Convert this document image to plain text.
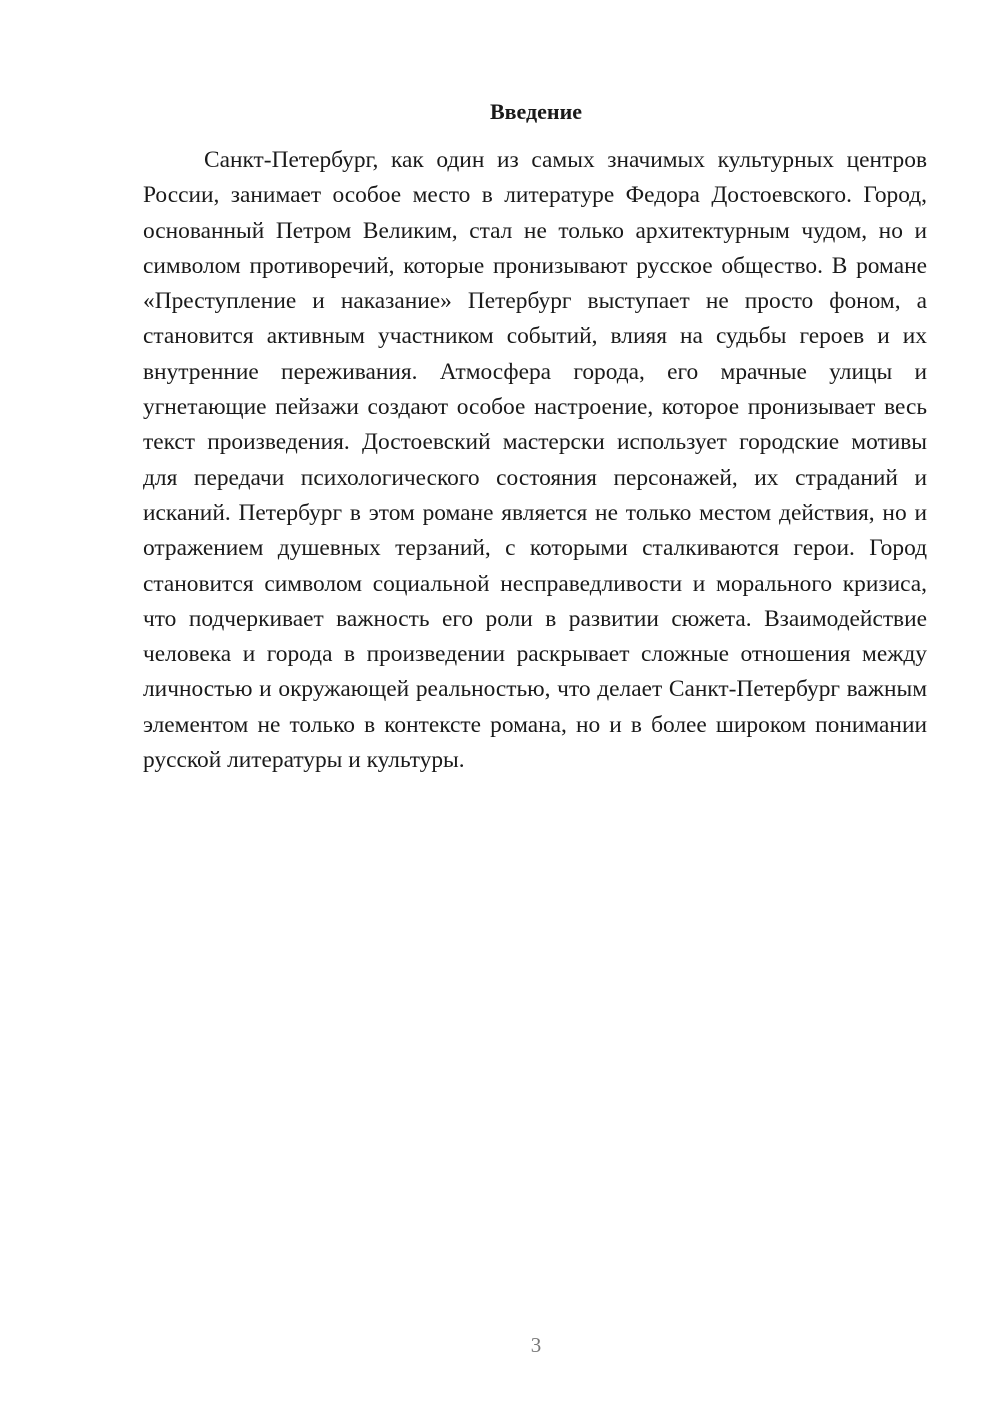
Введение

Санкт-Петербург, как один из самых значимых культурных центров России, занимает особое место в литературе Федора Достоевского. Город, основанный Петром Великим, стал не только архитектурным чудом, но и символом противоречий, которые пронизывают русское общество. В романе «Преступление и наказание» Петербург выступает не просто фоном, а становится активным участником событий, влияя на судьбы героев и их внутренние переживания. Атмосфера города, его мрачные улицы и угнетающие пейзажи создают особое настроение, которое пронизывает весь текст произведения. Достоевский мастерски использует городские мотивы для передачи психологического состояния персонажей, их страданий и исканий. Петербург в этом романе является не только местом действия, но и отражением душевных терзаний, с которыми сталкиваются герои. Город становится символом социальной несправедливости и морального кризиса, что подчеркивает важность его роли в развитии сюжета. Взаимодействие человека и города в произведении раскрывает сложные отношения между личностью и окружающей реальностью, что делает Санкт-Петербург важным элементом не только в контексте романа, но и в более широком понимании русской литературы и культуры.

3
